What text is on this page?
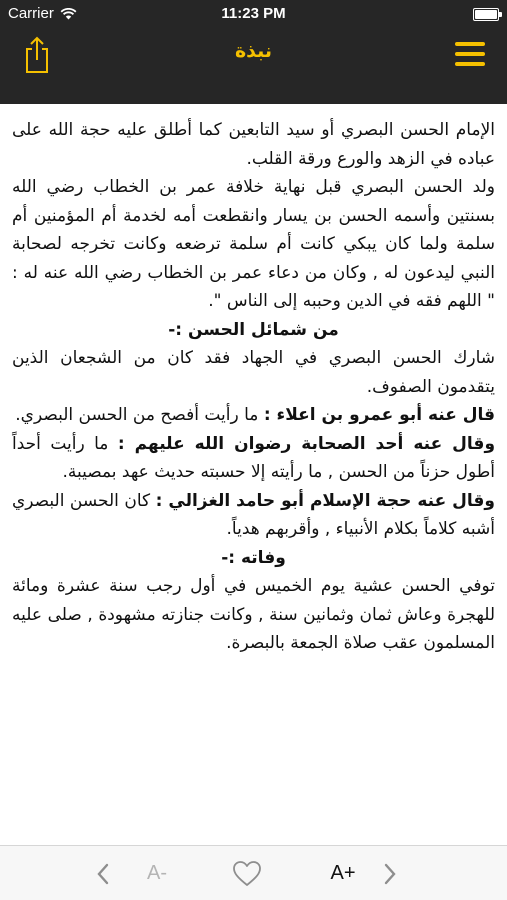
Carrier	11:23 PM
نبذة

الإمام الحسن البصري أو سيد التابعين كما أطلق عليه حجة الله على عباده في الزهد والورع ورقة القلب.

ولد الحسن البصري قبل نهاية خلافة عمر بن الخطاب رضي الله بسنتين وأسمه الحسن بن يسار وانقطعت أمه لخدمة أم المؤمنين أم سلمة ولما كان يبكي كانت أم سلمة ترضعه وكانت تخرجه لصحابة النبي ليدعون له , وكان من دعاء عمر بن الخطاب رضي الله عنه له : " اللهم فقه في الدين وحببه إلى الناس ".

من شمائل الحسن :-

شارك الحسن البصري في الجهاد فقد كان من الشجعان الذين يتقدمون الصفوف.

قال عنه أبو عمرو بن اعلاء : ما رأيت أفصح من الحسن البصري.

وقال عنه أحد الصحابة رضوان الله عليهم : ما رأيت أحداً أطول حزناً من الحسن , ما رأيته إلا حسبته حديث عهد بمصيبة.

وقال عنه حجة الإسلام أبو حامد الغزالي : كان الحسن البصري أشبه كلاماً بكلام الأنبياء , وأقربهم هدياً.

وفاته :-

توفي الحسن عشية يوم الخميس في أول رجب سنة عشرة ومائة للهجرة وعاش ثمان وثمانين سنة , وكانت جنازته مشهودة , صلى عليه المسلمون عقب صلاة الجمعة بالبصرة.

A-	A+
